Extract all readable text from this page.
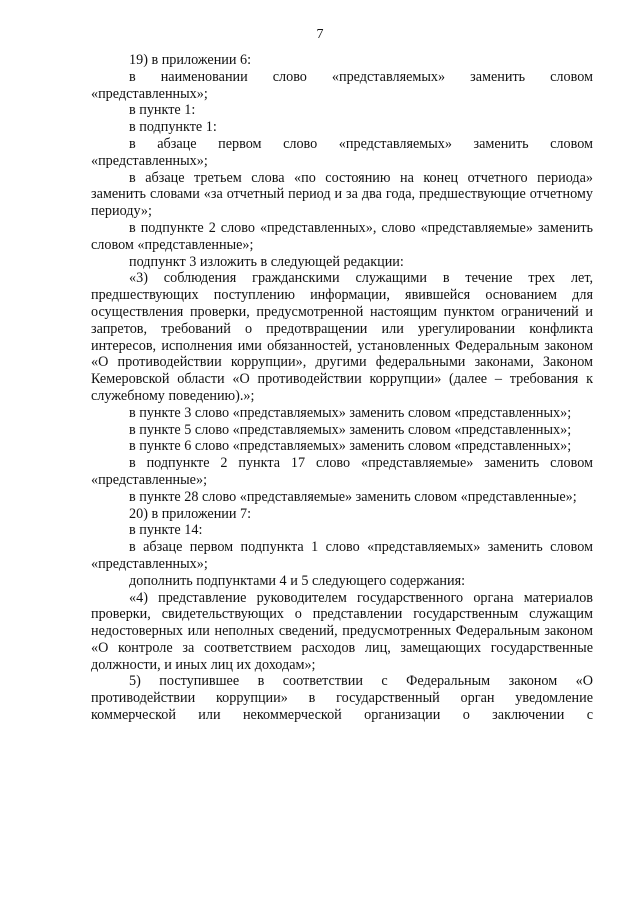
7

19) в приложении 6:

в наименовании слово «представляемых» заменить словом «представленных»;

в пункте 1:

в подпункте 1:

в абзаце первом слово «представляемых» заменить словом «представленных»;

в абзаце третьем слова «по состоянию на конец отчетного периода» заменить словами «за отчетный период и за два года, предшествующие отчетному периоду»;

в подпункте 2 слово «представленных», слово «представляемые» заменить словом «представленные»;

подпункт 3 изложить в следующей редакции:

«3) соблюдения гражданскими служащими в течение трех лет, предшествующих поступлению информации, явившейся основанием для осуществления проверки, предусмотренной настоящим пунктом ограничений и запретов, требований о предотвращении или урегулировании конфликта интересов, исполнения ими обязанностей, установленных Федеральным законом «О противодействии коррупции», другими федеральными законами, Законом Кемеровской области «О противодействии коррупции» (далее – требования к служебному поведению).»;

в пункте 3 слово «представляемых» заменить словом «представленных»;

в пункте 5 слово «представляемых» заменить словом «представленных»;

в пункте 6 слово «представляемых» заменить словом «представленных»;

в подпункте 2 пункта 17 слово «представляемые» заменить словом «представленные»;

в пункте 28 слово «представляемые» заменить словом «представленные»;

20) в приложении 7:

в пункте 14:

в абзаце первом подпункта 1 слово «представляемых» заменить словом «представленных»;

дополнить подпунктами 4 и 5 следующего содержания:

«4) представление руководителем государственного органа материалов проверки, свидетельствующих о представлении государственным служащим недостоверных или неполных сведений, предусмотренных Федеральным законом «О контроле за соответствием расходов лиц, замещающих государственные должности, и иных лиц их доходам»;

5) поступившее в соответствии с Федеральным законом «О противодействии коррупции» в государственный орган уведомление коммерческой или некоммерческой организации о заключении с
